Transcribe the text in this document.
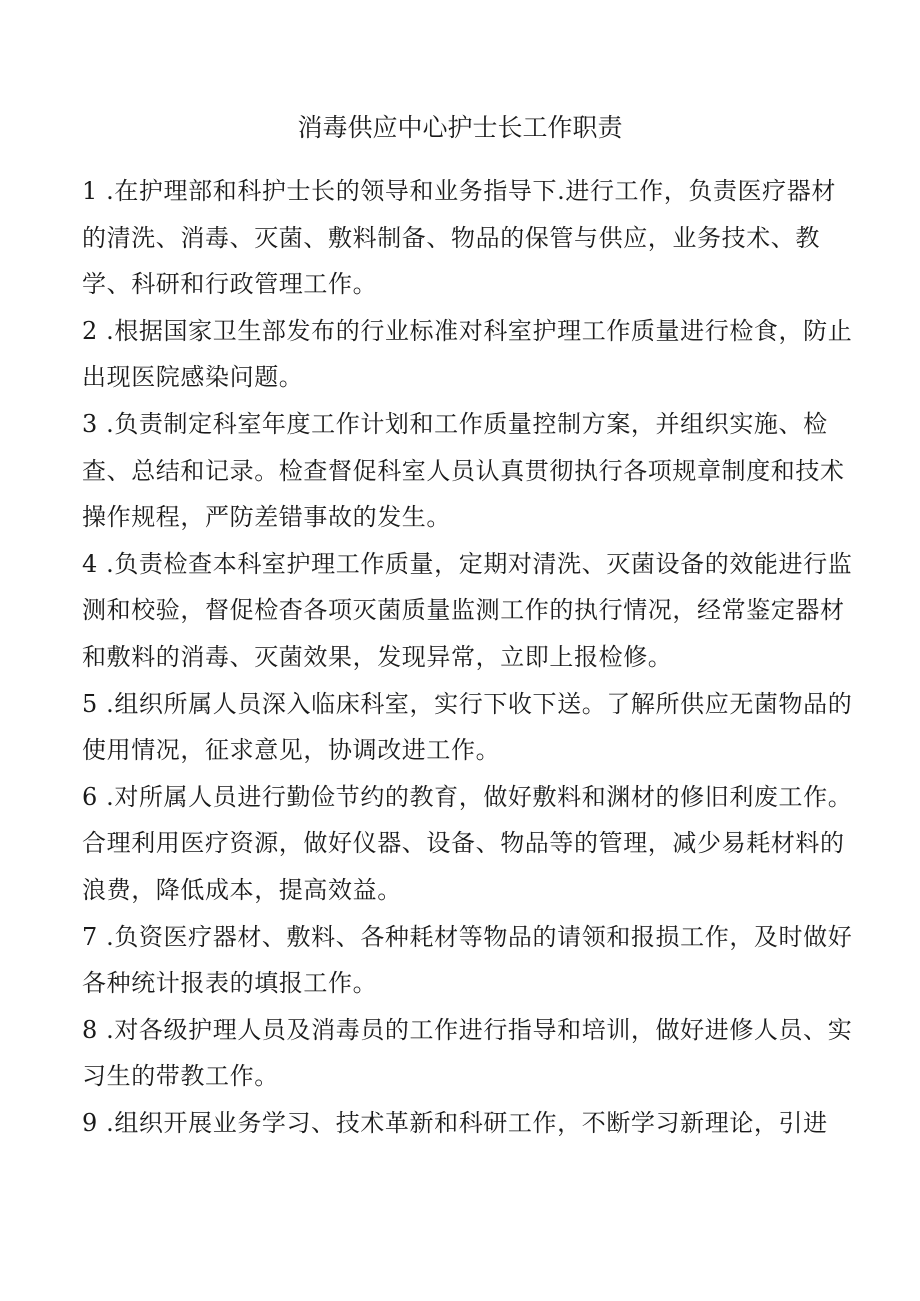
消毒供应中心护士长工作职责

1 .在护理部和科护士长的领导和业务指导下.进行工作，负责医疗器材的清洗、消毒、灭菌、敷料制备、物品的保管与供应，业务技术、教学、科研和行政管理工作。

2 .根据国家卫生部发布的行业标准对科室护理工作质量进行检食，防止出现医院感染问题。

3 .负责制定科室年度工作计划和工作质量控制方案，并组织实施、检查、总结和记录。检查督促科室人员认真贯彻执行各项规章制度和技术操作规程，严防差错事故的发生。

4 .负责检查本科室护理工作质量，定期对清洗、灭菌设备的效能进行监测和校验，督促检杳各项灭菌质量监测工作的执行情况，经常鉴定器材和敷料的消毒、灭菌效果，发现异常，立即上报检修。

5 .组织所属人员深入临床科室，实行下收下送。了解所供应无菌物品的使用情况，征求意见，协调改进工作。

6 .对所属人员进行勤俭节约的教育，做好敷料和渊材的修旧利废工作。合理利用医疗资源，做好仪器、设备、物品等的管理，减少易耗材料的浪费，降低成本，提高效益。

7 .负资医疗器材、敷料、各种耗材等物品的请领和报损工作，及时做好各种统计报表的填报工作。

8 .对各级护理人员及消毒员的工作进行指导和培训，做好进修人员、实习生的带教工作。

9 .组织开展业务学习、技术革新和科研工作，不断学习新理论，引进
